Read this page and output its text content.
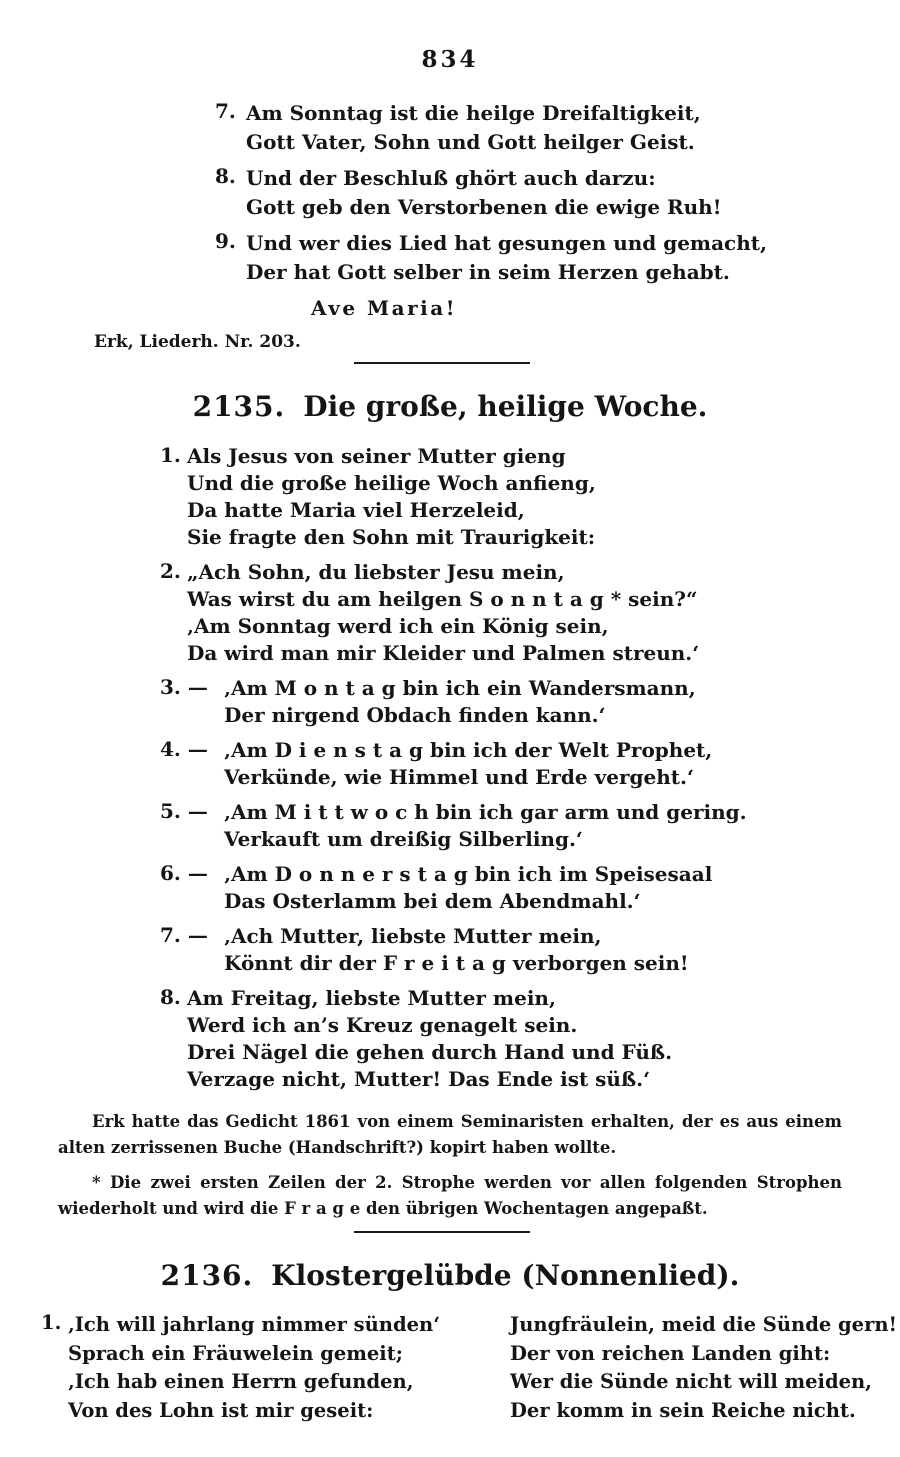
834
7. Am Sonntag ist die heilge Dreifaltigkeit,
Gott Vater, Sohn und Gott heilger Geist.
8. Und der Beschluß ghört auch darzu:
Gott geb den Verstorbenen die ewige Ruh!
9. Und wer dies Lied hat gesungen und gemacht,
Der hat Gott selber in seim Herzen gehabt.
Ave Maria!
Erk, Liederh. Nr. 203.
2135. Die große, heilige Woche.
1. Als Jesus von seiner Mutter gieng
Und die große heilige Woch anfieng,
Da hatte Maria viel Herzeleid,
Sie fragte den Sohn mit Traurigkeit:
2. „Ach Sohn, du liebster Jesu mein,
Was wirst du am heilgen S o n n t a g * sein?“
‚Am Sonntag werd ich ein König sein,
Da wird man mir Kleider und Palmen streun.‘
3. — ‚Am M o n t a g bin ich ein Wandersmann,
Der nirgend Obdach finden kann.‘
4. — ‚Am D i e n s t a g bin ich der Welt Prophet,
Verkünde, wie Himmel und Erde vergeht.‘
5. — ‚Am M i t t w o c h bin ich gar arm und gering.
Verkauft um dreißig Silberling.‘
6. — ‚Am D o n n e r s t a g bin ich im Speisesaal
Das Osterlamm bei dem Abendmahl.‘
7. — ‚Ach Mutter, liebste Mutter mein,
Könnt dir der F r e i t a g verborgen sein!
8. Am Freitag, liebste Mutter mein,
Werd ich an’s Kreuz genagelt sein.
Drei Nägel die gehen durch Hand und Füß.
Verzage nicht, Mutter! Das Ende ist süß.‘

Erk hatte das Gedicht 1861 von einem Seminaristen erhalten, der es aus einem alten zerrissenen Buche (Handschrift?) kopirt haben wollte.

* Die zwei ersten Zeilen der 2. Strophe werden vor allen folgenden Strophen wiederholt und wird die F r a g e den übrigen Wochentagen angepaßt.

2136. Klostergelübde (Nonnenlied).
1. ‚Ich will jahrlang nimmer sünden‘
Sprach ein Fräuwelein gemeit;
‚Ich hab einen Herrn gefunden,
Von des Lohn ist mir geseit:
Jungfräulein, meid die Sünde gern!
Der von reichen Landen giht:
Wer die Sünde nicht will meiden,
Der komm in sein Reiche nicht.
